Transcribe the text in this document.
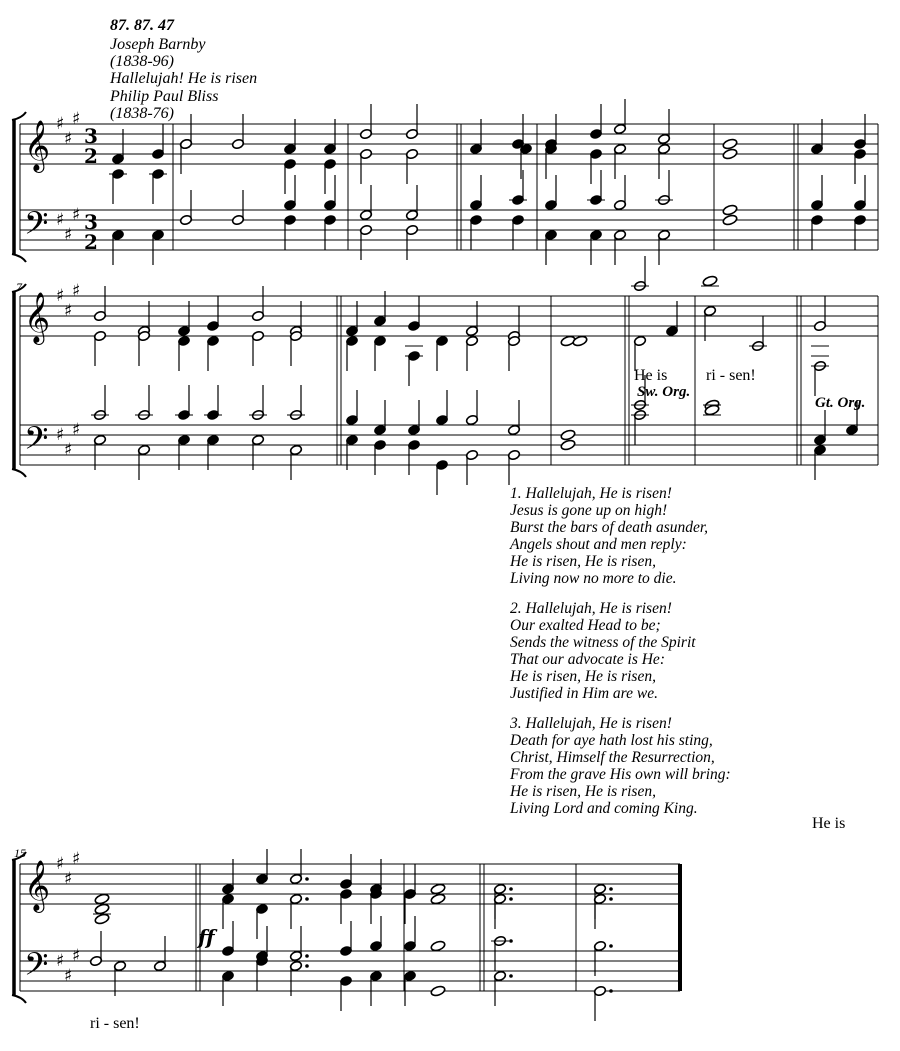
87. 87. 47
Joseph Barnby
(1838-96)
Hallelujah! He is risen
Philip Paul Bliss
(1838-76)
7
15
He is ri - sen!
He is
ri - sen!
Sw. Org.
Gt. Org.
1. Hallelujah, He is risen!
Jesus is gone up on high!
Burst the bars of death asunder,
Angels shout and men reply:
He is risen, He is risen,
Living now no more to die.
2. Hallelujah, He is risen!
Our exalted Head to be;
Sends the witness of the Spirit
That our advocate is He:
He is risen, He is risen,
Justified in Him are we.
3. Hallelujah, He is risen!
Death for aye hath lost his sting,
Christ, Himself the Resurrection,
From the grave His own will bring:
He is risen, He is risen,
Living Lord and coming King.
𝄞
𝄢
♯
♯
♯
♯
♯
♯
3
2
3
2
𝄞
𝄢
♯
♯
♯
♯
♯
♯
𝄞
𝄢
♯
♯
♯
♯
♯
♯
ff
